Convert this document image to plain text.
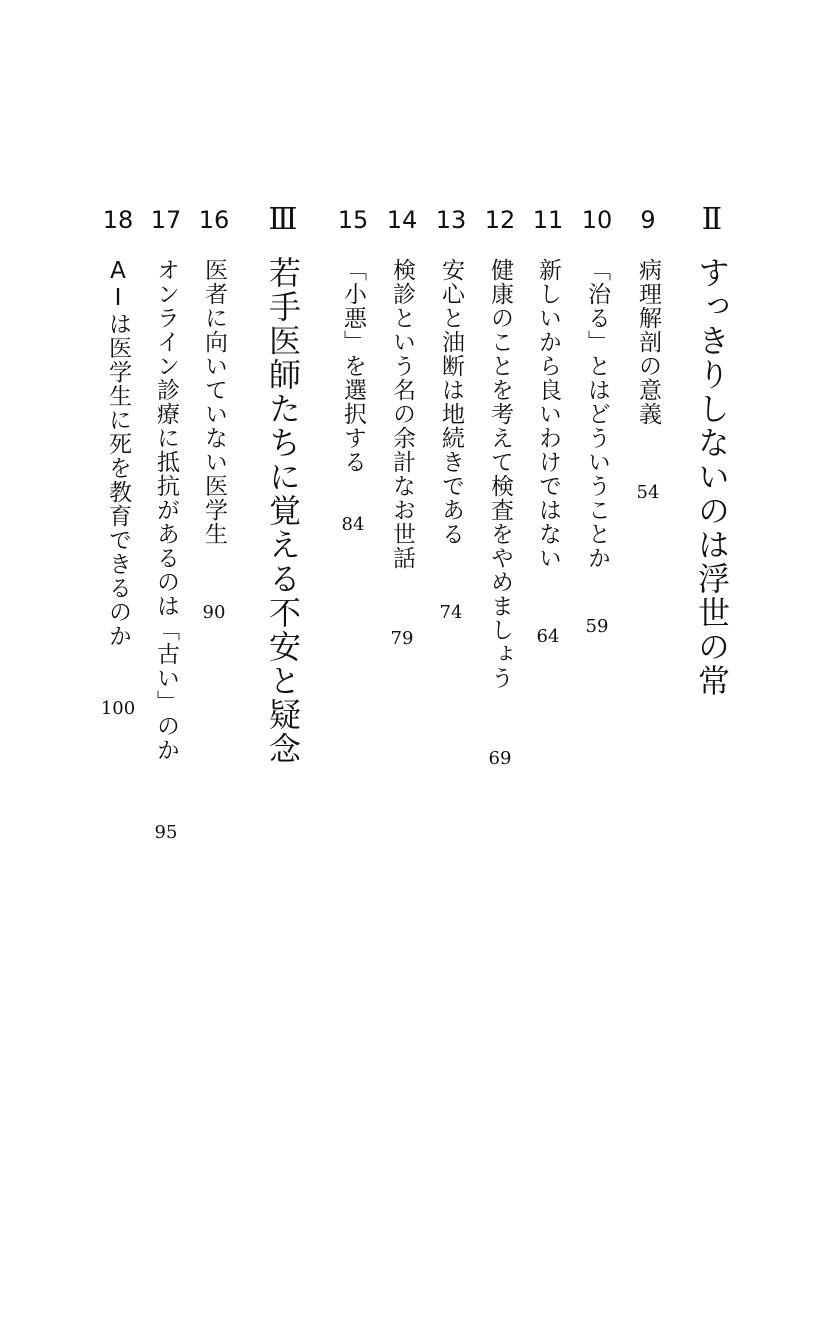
Ⅱ
すっきりしないのは浮世の常
9
病理解剖の意義
54
10
「治る」とはどういうことか
59
11
新しいから良いわけではない
64
12
健康のことを考えて検査をやめましょう
69
13
安心と油断は地続きである
74
14
検診という名の余計なお世話
79
15
「小悪」を選択する
84
Ⅲ
若手医師たちに覚える不安と疑念
16
医者に向いていない医学生
90
17
オンライン診療に抵抗があるのは「古い」のか
95
18
AIは医学生に死を教育できるのか
100
